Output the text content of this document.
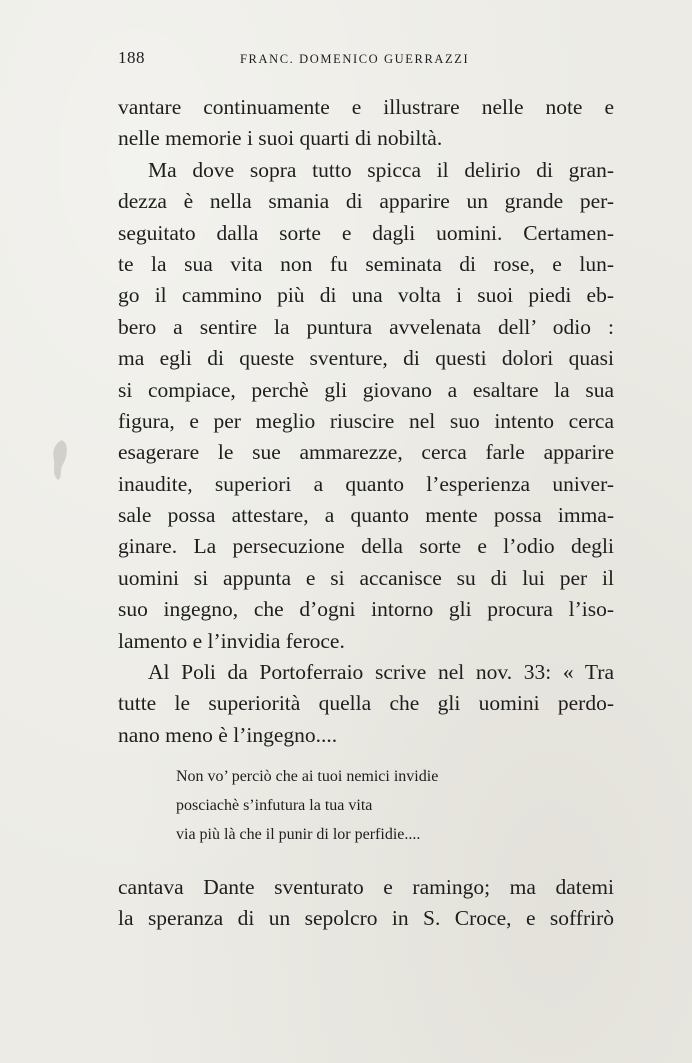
188	FRANC. DOMENICO GUERRAZZI
vantare continuamente e illustrare nelle note e
nelle memorie i suoi quarti di nobiltà.
Ma dove sopra tutto spicca il delirio di gran-
dezza è nella smania di apparire un grande per-
seguitato dalla sorte e dagli uomini. Certamen-
te la sua vita non fu seminata di rose, e lun-
go il cammino più di una volta i suoi piedi eb-
bero a sentire la puntura avvelenata dell’ odio :
ma egli di queste sventure, di questi dolori quasi
si compiace, perchè gli giovano a esaltare la sua
figura, e per meglio riuscire nel suo intento cerca
esagerare le sue ammarezze, cerca farle apparire
inaudite, superiori a quanto l’esperienza univer-
sale possa attestare, a quanto mente possa imma-
ginare. La persecuzione della sorte e l’odio degli
uomini si appunta e si accanisce su di lui per il
suo ingegno, che d’ogni intorno gli procura l’iso-
lamento e l’invidia feroce.
Al Poli da Portoferraio scrive nel nov. 33: « Tra
tutte le superiorità quella che gli uomini perdo-
nano meno è l’ingegno....
Non vo’ perciò che ai tuoi nemici invidie
posciachè s’infutura la tua vita
via più là che il punir di lor perfidie....
cantava Dante sventurato e ramingo; ma datemi
la speranza di un sepolcro in S. Croce, e soffrirò
